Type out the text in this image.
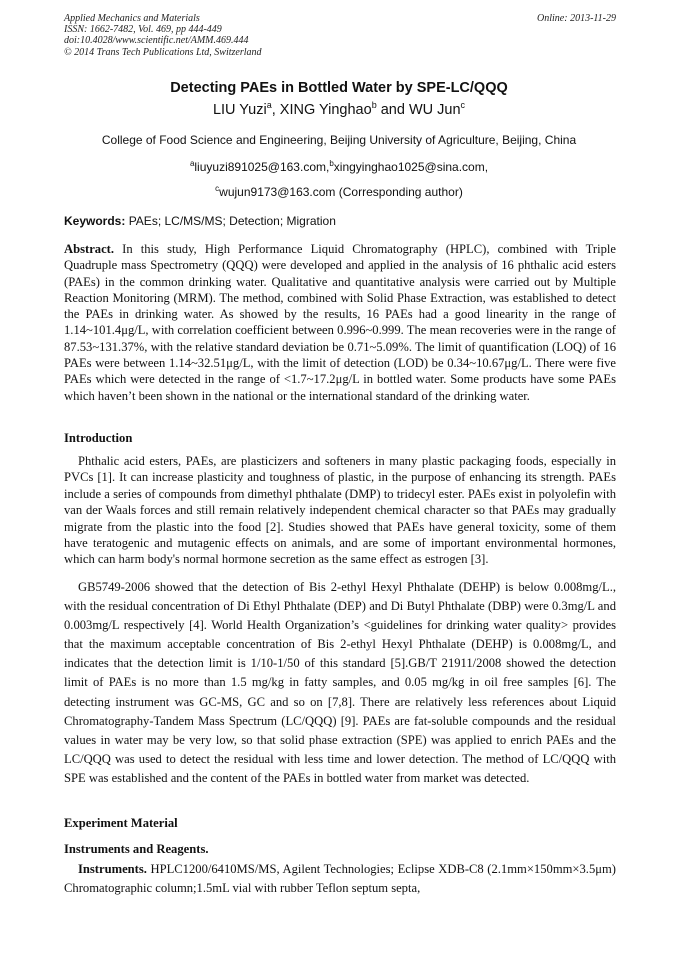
Applied Mechanics and Materials
ISSN: 1662-7482, Vol. 469, pp 444-449
doi:10.4028/www.scientific.net/AMM.469.444
© 2014 Trans Tech Publications Ltd, Switzerland
Online: 2013-11-29
Detecting PAEs in Bottled Water by SPE-LC/QQQ
LIU Yuzi$^a$, XING Yinghao$^b$ and WU Jun$^c$
College of Food Science and Engineering, Beijing University of Agriculture, Beijing, China
$^a$liuyuzi891025@163.com,$^b$xingyinghao1025@sina.com,
$^c$wujun9173@163.com (Corresponding author)
Keywords: PAEs; LC/MS/MS; Detection; Migration
Abstract. In this study, High Performance Liquid Chromatography (HPLC), combined with Triple Quadruple mass Spectrometry (QQQ) were developed and applied in the analysis of 16 phthalic acid esters (PAEs) in the common drinking water. Qualitative and quantitative analysis were carried out by Multiple Reaction Monitoring (MRM). The method, combined with Solid Phase Extraction, was established to detect the PAEs in drinking water. As showed by the results, 16 PAEs had a good linearity in the range of 1.14~101.4μg/L, with correlation coefficient between 0.996~0.999. The mean recoveries were in the range of 87.53~131.37%, with the relative standard deviation be 0.71~5.09%. The limit of quantification (LOQ) of 16 PAEs were between 1.14~32.51μg/L, with the limit of detection (LOD) be 0.34~10.67μg/L. There were five PAEs which were detected in the range of <1.7~17.2μg/L in bottled water. Some products have some PAEs which haven’t been shown in the national or the international standard of the drinking water.
Introduction
Phthalic acid esters, PAEs, are plasticizers and softeners in many plastic packaging foods, especially in PVCs [1]. It can increase plasticity and toughness of plastic, in the purpose of enhancing its strength. PAEs include a series of compounds from dimethyl phthalate (DMP) to tridecyl ester. PAEs exist in polyolefin with van der Waals forces and still remain relatively independent chemical character so that PAEs may gradually migrate from the plastic into the food [2]. Studies showed that PAEs have general toxicity, some of them have teratogenic and mutagenic effects on animals, and are some of important environmental hormones, which can harm body's normal hormone secretion as the same effect as estrogen [3].
GB5749-2006 showed that the detection of Bis 2-ethyl Hexyl Phthalate (DEHP) is below 0.008mg/L., with the residual concentration of Di Ethyl Phthalate (DEP) and Di Butyl Phthalate (DBP) were 0.3mg/L and 0.003mg/L respectively [4]. World Health Organization’s <guidelines for drinking water quality> provides that the maximum acceptable concentration of Bis 2-ethyl Hexyl Phthalate (DEHP) is 0.008mg/L, and indicates that the detection limit is 1/10-1/50 of this standard [5].GB/T 21911/2008 showed the detection limit of PAEs is no more than 1.5 mg/kg in fatty samples, and 0.05 mg/kg in oil free samples [6]. The detecting instrument was GC-MS, GC and so on [7,8]. There are relatively less references about Liquid Chromatography-Tandem Mass Spectrum (LC/QQQ) [9]. PAEs are fat-soluble compounds and the residual values in water may be very low, so that solid phase extraction (SPE) was applied to enrich PAEs and the LC/QQQ was used to detect the residual with less time and lower detection. The method of LC/QQQ with SPE was established and the content of the PAEs in bottled water from market was detected.
Experiment Material
Instruments and Reagents.
Instruments. HPLC1200/6410MS/MS, Agilent Technologies; Eclipse XDB-C8 (2.1mm×150mm×3.5μm) Chromatographic column;1.5mL vial with rubber Teflon septum septa,
